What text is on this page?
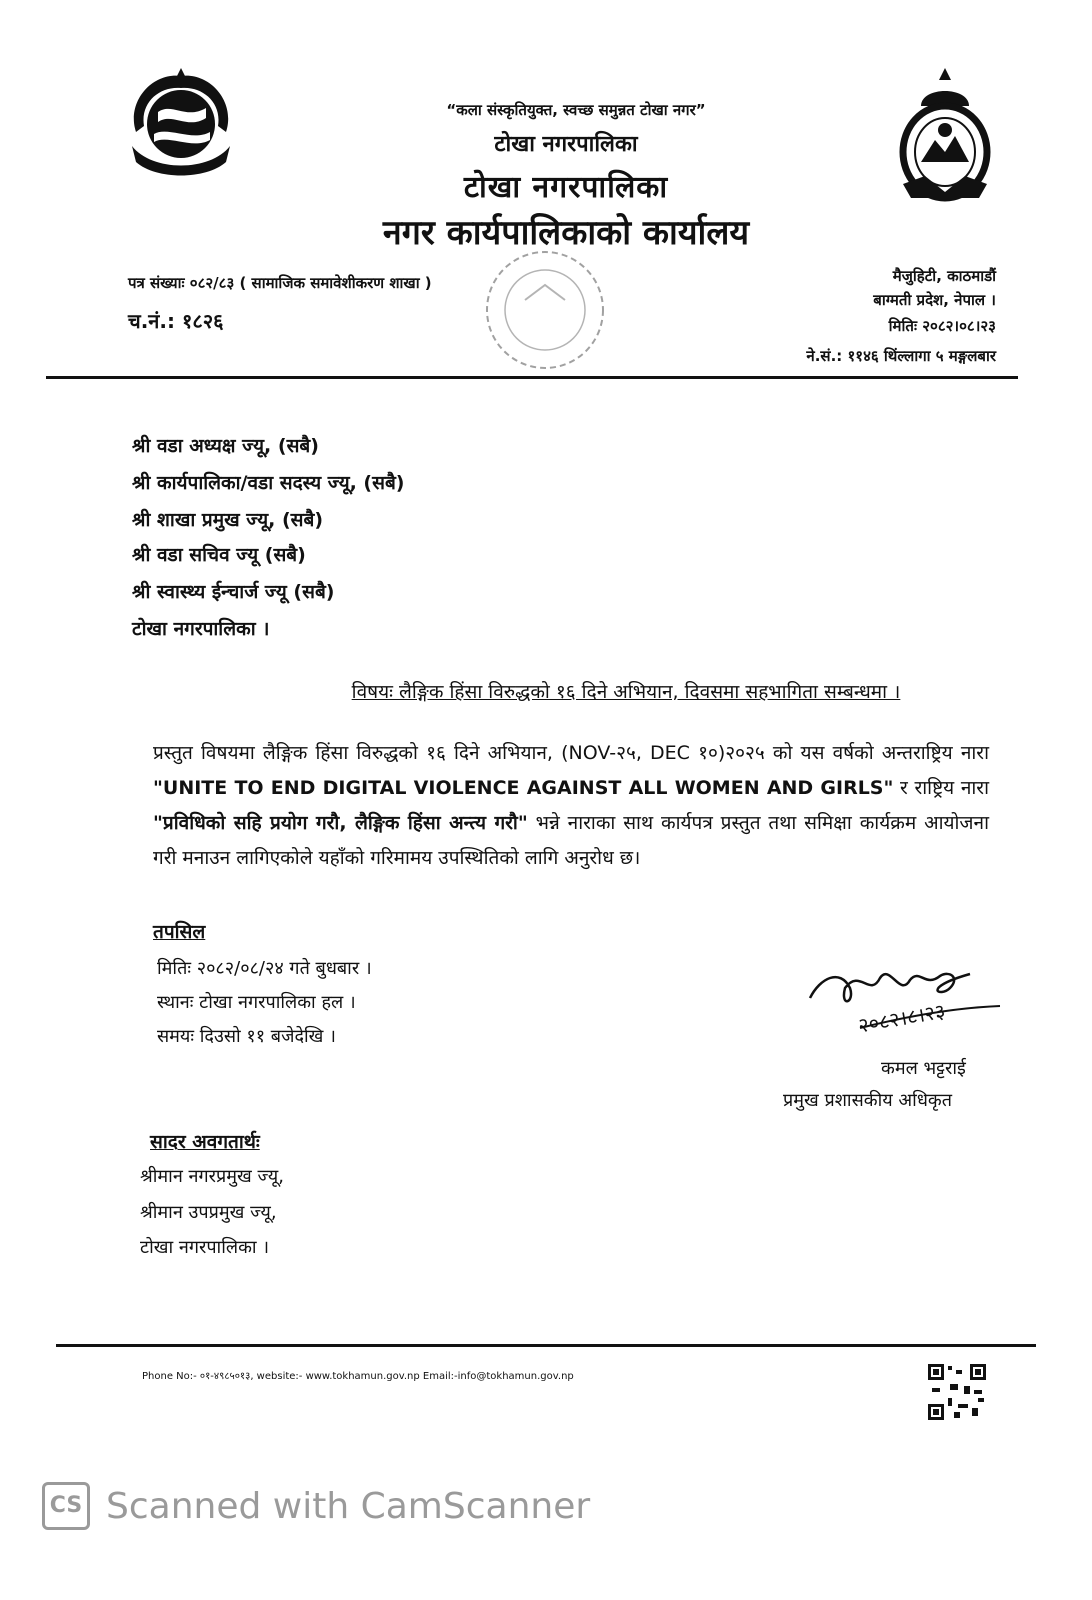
“कला संस्कृतियुक्त, स्वच्छ समुन्नत टोखा नगर”
टोखा नगरपालिका
टोखा नगरपालिका
नगर कार्यपालिकाको कार्यालय
पत्र संख्याः ०८२/८३ ( सामाजिक समावेशीकरण शाखा )
च.नं.: १८२६
मैजुहिटी, काठमाडौं
बाग्मती प्रदेश, नेपाल ।
मितिः २०८२।०८।२३
ने.सं.: ११४६ थिंल्लागा ५ मङ्गलबार
श्री वडा अध्यक्ष ज्यू, (सबै)
श्री कार्यपालिका/वडा सदस्य ज्यू, (सबै)
श्री शाखा प्रमुख ज्यू, (सबै)
श्री वडा सचिव ज्यू (सबै)
श्री स्वास्थ्य ईन्चार्ज ज्यू (सबै)
टोखा नगरपालिका ।
विषयः लैङ्गिक हिंसा विरुद्धको १६ दिने अभियान, दिवसमा सहभागिता सम्बन्धमा ।
प्रस्तुत विषयमा लैङ्गिक हिंसा विरुद्धको १६ दिने अभियान, (NOV-२५, DEC १०)२०२५ को यस वर्षको अन्तराष्ट्रिय नारा "UNITE TO END DIGITAL VIOLENCE AGAINST ALL WOMEN AND GIRLS" र राष्ट्रिय नारा "प्रविधिको सहि प्रयोग गरौ, लैङ्गिक हिंसा अन्त्य गरौ" भन्ने नाराका साथ कार्यपत्र प्रस्तुत तथा समिक्षा कार्यक्रम आयोजना गरी मनाउन लागिएकोले यहाँको गरिमामय उपस्थितिको लागि अनुरोध छ।
तपसिल
मितिः २०८२/०८/२४ गते बुधबार ।
स्थानः टोखा नगरपालिका हल ।
समयः दिउसो ११ बजेदेखि ।	२०८२।८।२३
कमल भट्टराई
प्रमुख प्रशासकीय अधिकृत
सादर अवगतार्थः
श्रीमान नगरप्रमुख ज्यू,
श्रीमान उपप्रमुख ज्यू,
टोखा नगरपालिका ।
Phone No:- ०१-४९८५०१३, website:- www.tokhamun.gov.np Email:-info@tokhamun.gov.np
CS Scanned with CamScanner
